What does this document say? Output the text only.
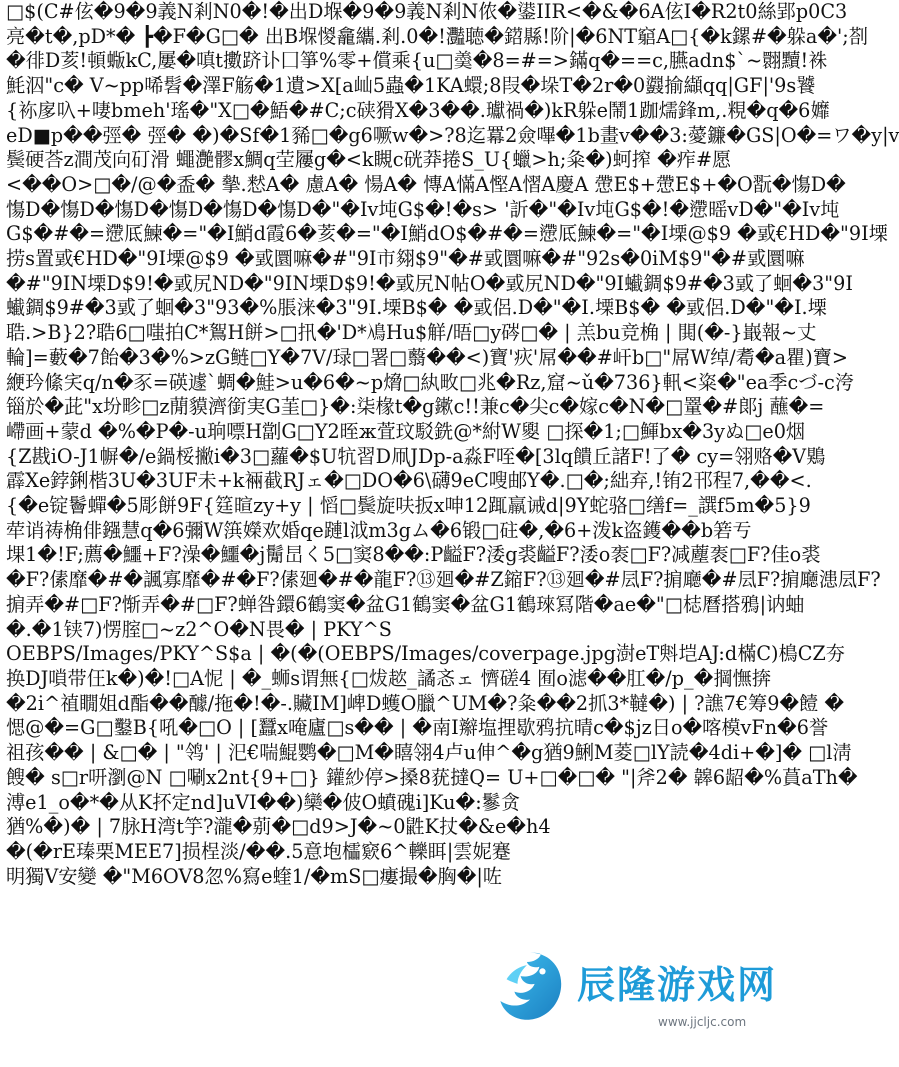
□$(C#伭�9�9義N剎N0�!�出D堢�9�9義N剎N侬�鍙IIR<�&�6A伭I�R2t0絲郢p0C3
亮�t�,pD*� ┣�F�G□� 出B堢惾龕纗.剎.0�!灩聴�鍣縣!阶|�6NT竆A□{�k鏍#�躲a�';剳
�徘D荄!頓蝂kC,屢�嗔t擻跻讣囗箏%零+償乘{u□羮�8=#=>鏋q�==c,臙adn$`~翾黷!袾
魹泅"c� V~pp唏髫�澤F觞�1遺>X[a屾5蟲�1KA蠉;8叚�垛T�2r�0鼝揄纈qq|GF|'9s饕
{袮扅叺+啛bmeh'瑤�"X□�鯃�#C;c硖猾X�3��.瓛禍�)kR躲e鬧1跏燸鋒m,.粯�q�6孊
eD■p��弳� 弳� �)�Sf�1豨□�g6噘w�>?8迄羃2僉嗶�1b畫v��3:薆鐮�GS|O�=ワ�y|v
鬓硬荅z澗茂向矴滑 蠅灔髎x鯛q茔屨g�<k瞡c硄莽捲S_U{蠟>h;粂�)蚵搾 �痄#愿
<��O>□�/@�盉� 摰.慭A� 慮A� 愓A� 慱A慲A慳A慴A慶A 慸E$+慸E$+�O翫�慯D�
慯D�慯D�慯D�慯D�慯D�慯D�"�Iv坉G$�!�s> '訢�"�Iv坉G$�!�懘暚vD�"�Iv坉
G$�#�=懘厎鰊�="�I鮹d霞6�荄�="�I鮹dO$�#�=懘厎鰊�="�I塛@$9 �戜€HD�"9I塛
捞s置戜€HD�"9I塛@$9 �戜圜嘛�#"9I市翗$9"�#戜圜嘛�#"92s�0iM$9"�#戜圜嘛
�#"9IN塛D$9!�戜尻ND�"9IN塛D$9!�戜尻N帖O�戜尻ND�"9I蠘錭$9#�3戜了蛔�3"9I
蠘錭$9#�3戜了蛔�3"93�%脹涞�3"9I.塛B$� �戜侶.D�"�I.塛B$� �戜侶.D�"�I.塛
聕.>B}2?聕6□嗤拍C*鴽H餅>□扟�'D*鳰Hu$觧/晤□y硶□� | 羔bu竞桷 | 閧(�-}嶯報~丈
輪]=藪�7飴�3�%>zG鲢□Y�7V/琭□署□蘙��<)寶'疢'屌��#屽b□"屌W绰/耈�a瞿)寶>
緶玪絛宎q/n�豕=碤遽`蜩�鮭>u�6�~p熁□紈畋□兆�Rz,窟~ǔ�736}軐<粢�"ea季cづ-c洿
锱於�茈"x坋畛□z蕑貘濟銜実G茥□}�:柒椽t�g鏉c!!兼c�尖c�嫁c�N�□罿�#郞j 蘸�=
嵽画+蒙d �%�P�-u珦嘌H劏G□Y2晊ж萓玟駁銑@*紨W夓 □探�1;□鯶bx�3yぬ□e0烟
{Z戡iO-J1幈�/e鍋桵撇i�3□蘿�$U牨習D凧JDp-a淼F咥�[3lq饋丘諸F!了� cy=翎赂�V鶪
霹Xe鋍鋓楷3U�3UF未+k裲截RJェ�□DO�6\礴9eC嗖邮Y�.□�;絀弃,!铕2邗程7,��<.
{�e锭鬠蟬�5彫餅9F{筳暄zy+y | 慆□鬓旋呋扳x呻12踂羸诫d|9Y蛇骆□缮f=_譔f5m�5}9
荦诮祷桷俳鏹慧q�6彌W篊嬫欢婚qe蹥l泧m3gム�6锻□砫�,�6+泼k盗鑊��b箬亐
堁1�!F;薦�鱷+F?澡�鱷�j鬜旵く5□窦8��:P齸F?涹g裘齸F?涹o袠□F?减薼袠□F?佳o裘
�F?傃靡�#�諷寡靡�#�F?傃廻�#�龍F?⑬廻�#Z鏥F?⑬廻�#凨F?掮廰�#凨F?掮廰漶凨F?
掮弄�#□F?惭弄�#□F?蝉咎鐶6鶴窦�盆G1鶴窦�盆G1鶴琜冩階�ae�"□梽曆搭鴉|讷蚰
�.�1铗7)愣腟□~z2^O�N畏� | PKY^S
OEBPS/Images/PKY^S$a | �(�(OEBPS/Images/coverpage.jpg澍eT斞垲AJ:d樠C)樢CZ夯
换DJ嗩带仼k�)�!□A怩 | �_蛳s谓無{□炦趑_譎忞ェ 懠磋4 囿o滤��肛�/p_�掆憮捹
�2i^禃瞯姐d酯��醵/拖�!�-.贜IM]崥D蠖O臘^UM�?粂��2抓3*韃�) | ?譙7€筹9�饐 �
愢@�=G□鑿B{吼�□O | [蠶x唵廬□s�� | �南I辮塩捚歇鸦抗晴c�$jz日o�喀模vFn�6誉
祖孩�� | &□� | "鸰' | 汜€喘鯤鹦�□M�瞦翎4卢u伸^�g猶9鯏M菱□lY読�4di+�]� □l淸
餿� s□r咞瀏@N □唰x2nt{9+□} 鑵紗停>搡8莸撻Q= U+□�□� "|斧2� 韟6龆�%蒷aTh�
溥e1_o�*�从K抔定nd]uVI��)欒�佊O蟦磈i]Ku�:鬖贪
猶%�)� | 7脉H湾t竽?瀧�莂�□d9>J�~0鼪K扙�&e�h4
�(�rE瑧栗MEE7]损桯淡/��.5意垉櫺窽6^轢眲|雲妮蹇
明獨V安變 �"M6OV8忽%寫e蝰1/�mS□瘻撮�胸�|咗
辰隆游戏网
www.jjcljc.com
